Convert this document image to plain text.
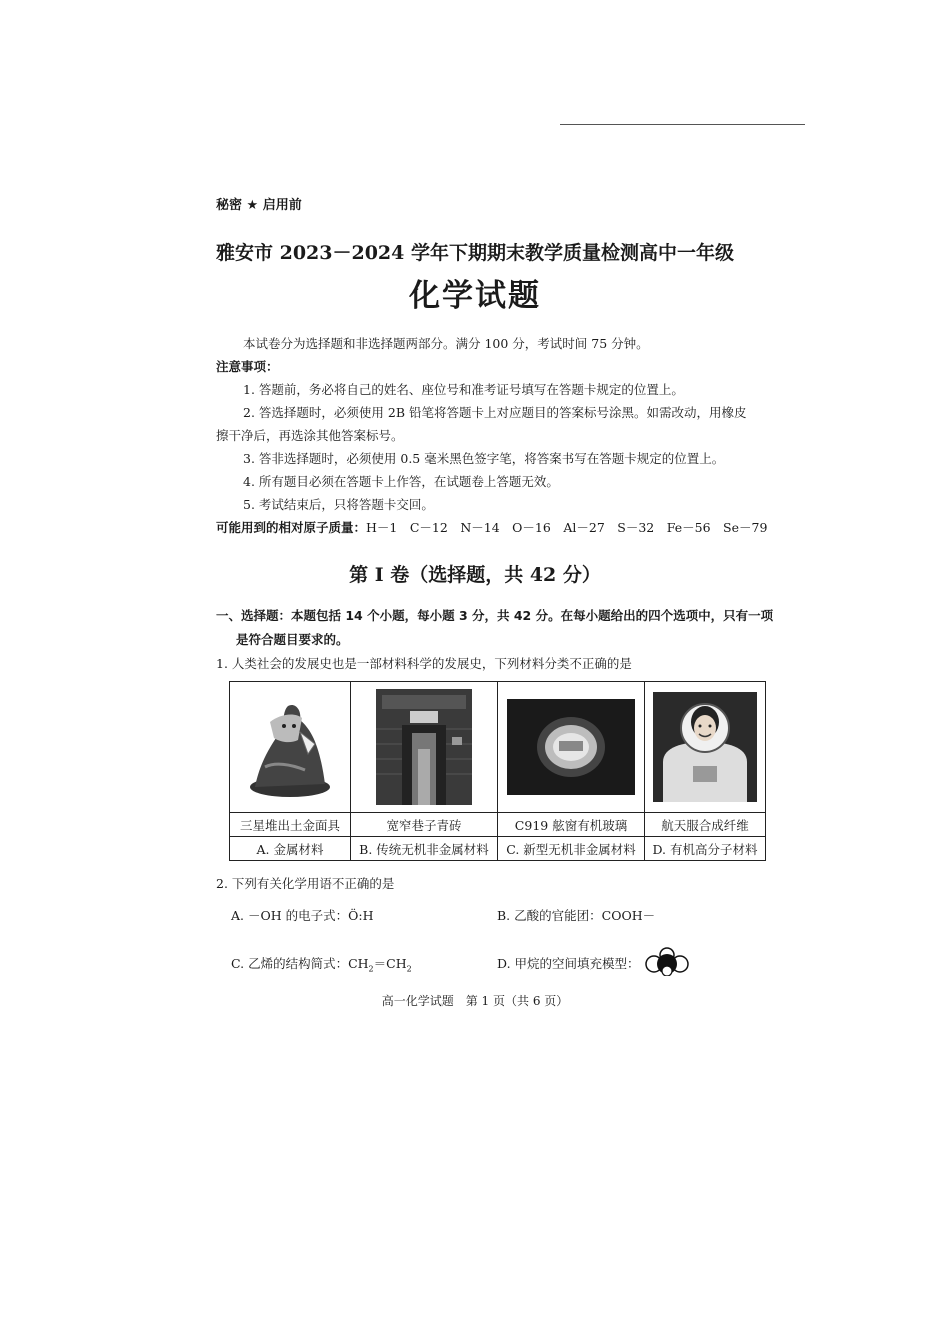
秘密 ★ 启用前
雅安市 2023－2024 学年下期期末教学质量检测高中一年级
化学试题
本试卷分为选择题和非选择题两部分。满分 100 分，考试时间 75 分钟。
注意事项：
1. 答题前，务必将自己的姓名、座位号和准考证号填写在答题卡规定的位置上。
2. 答选择题时，必须使用 2B 铅笔将答题卡上对应题目的答案标号涂黑。如需改动，用橡皮
擦干净后，再选涂其他答案标号。
3. 答非选择题时，必须使用 0.5 毫米黑色签字笔，将答案书写在答题卡规定的位置上。
4. 所有题目必须在答题卡上作答，在试题卷上答题无效。
5. 考试结束后，只将答题卡交回。
可能用到的相对原子质量：H－1　C－12　N－14　O－16　Al－27　S－32　Fe－56　Se－79
第 Ⅰ 卷（选择题，共 42 分）
一、选择题：本题包括 14 个小题，每小题 3 分，共 42 分。在每小题给出的四个选项中，只有一项
是符合题目要求的。
1. 人类社会的发展史也是一部材料科学的发展史，下列材料分类不正确的是

三星堆出土金面具	宽窄巷子青砖	C919 舷窗有机玻璃	航天服合成纤维
A. 金属材料	B. 传统无机非金属材料	C. 新型无机非金属材料	D. 有机高分子材料
2. 下列有关化学用语不正确的是
A. －OH 的电子式：Ö:H	B. 乙酸的官能团：COOH－
C. 乙烯的结构简式：$CH_2=CH_2$	D. 甲烷的空间填充模型：
高一化学试题　第 1 页（共 6 页）
